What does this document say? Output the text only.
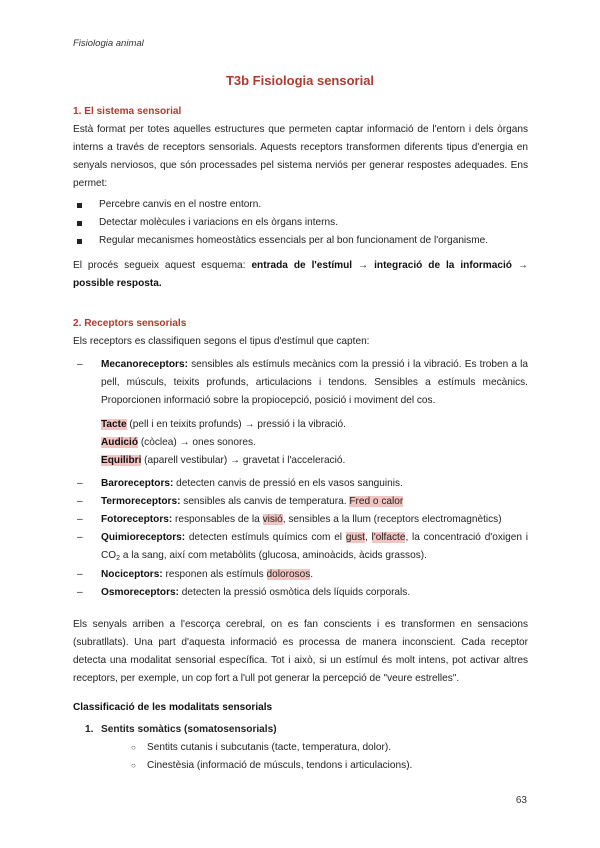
Fisiologia animal
T3b Fisiologia sensorial

1. El sistema sensorial

Està format per totes aquelles estructures que permeten captar informació de l'entorn i dels òrgans interns a través de receptors sensorials. Aquests receptors transformen diferents tipus d'energia en senyals nerviosos, que són processades pel sistema nerviós per generar respostes adequades. Ens permet:

Percebre canvis en el nostre entorn.
Detectar molècules i variacions en els òrgans interns.
Regular mecanismes homeostàtics essencials per al bon funcionament de l'organisme.

El procés segueix aquest esquema: entrada de l'estímul → integració de la informació → possible resposta.

2. Receptors sensorials

Els receptors es classifiquen segons el tipus d'estímul que capten:

– Mecanoreceptors: sensibles als estímuls mecànics com la pressió i la vibració. Es troben a la pell, músculs, teixits profunds, articulacions i tendons. Sensibles a estímuls mecànics. Proporcionen informació sobre la propiocepció, posició i moviment del cos.
Tacte (pell i en teixits profunds) → pressió i la vibració.
Audició (còclea) → ones sonores.
Equilibri (aparell vestibular) → gravetat i l'acceleració.
– Baroreceptors: detecten canvis de pressió en els vasos sanguinis.
– Termoreceptors: sensibles als canvis de temperatura. Fred o calor
– Fotoreceptors: responsables de la visió, sensibles a la llum (receptors electromagnètics)
– Quimioreceptors: detecten estímuls químics com el gust, l'olfacte, la concentració d'oxigen i CO2 a la sang, així com metabòlits (glucosa, aminoàcids, àcids grassos).
– Nociceptors: responen als estímuls dolorosos.
– Osmoreceptors: detecten la pressió osmòtica dels líquids corporals.

Els senyals arriben a l'escorça cerebral, on es fan conscients i es transformen en sensacions (subratllats). Una part d'aquesta informació es processa de manera inconscient. Cada receptor detecta una modalitat sensorial específica. Tot i això, si un estímul és molt intens, pot activar altres receptors, per exemple, un cop fort a l'ull pot generar la percepció de "veure estrelles".

Classificació de les modalitats sensorials

1. Sentits somàtics (somatosensorials)
○ Sentits cutanis i subcutanis (tacte, temperatura, dolor).
○ Cinestèsia (informació de músculs, tendons i articulacions).
63
